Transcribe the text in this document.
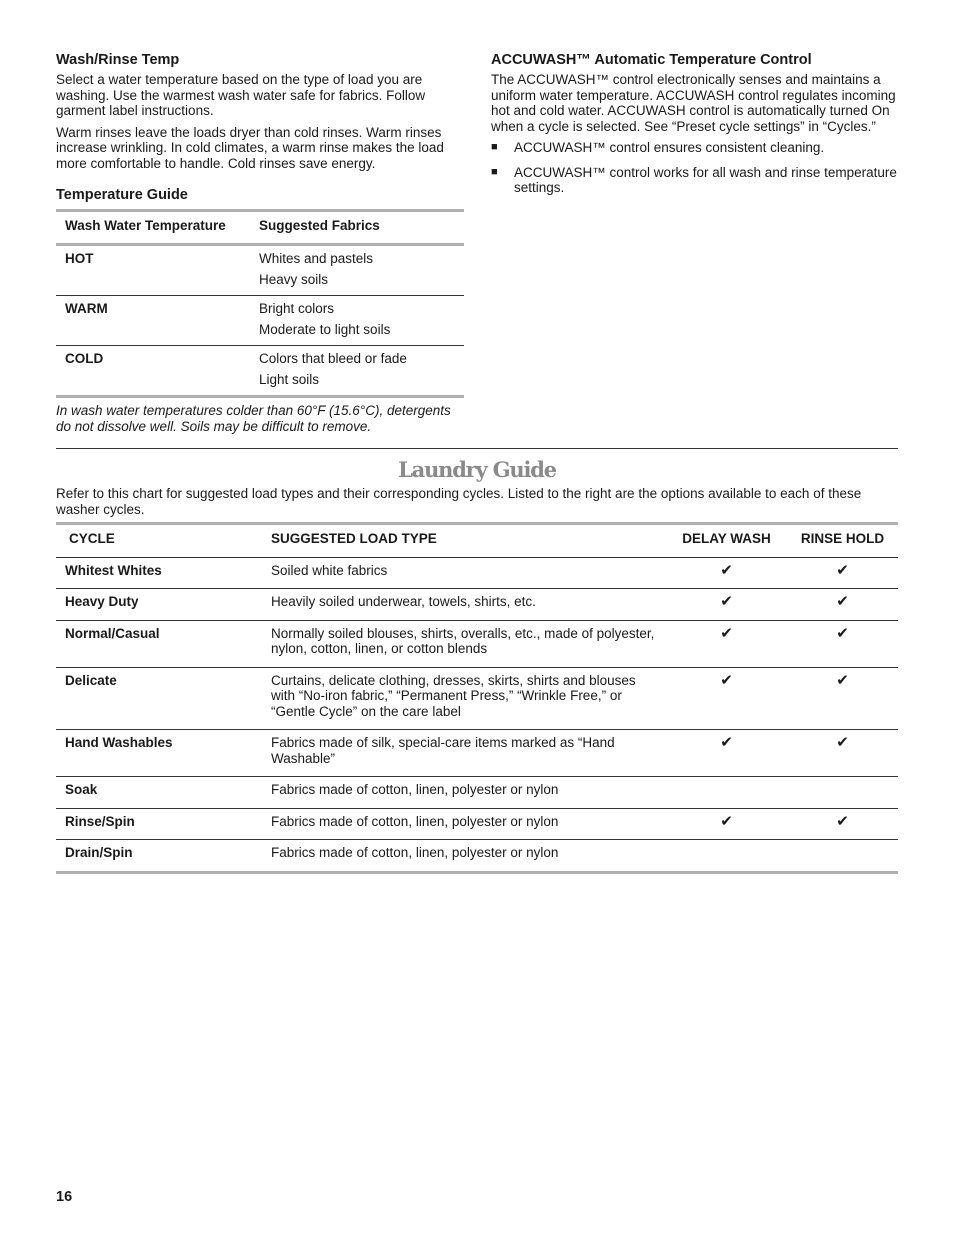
Wash/Rinse Temp

Select a water temperature based on the type of load you are washing. Use the warmest wash water safe for fabrics. Follow garment label instructions.

Warm rinses leave the loads dryer than cold rinses. Warm rinses increase wrinkling. In cold climates, a warm rinse makes the load more comfortable to handle. Cold rinses save energy.

Temperature Guide
Wash Water Temperature	Suggested Fabrics
HOT	Whites and pastels
Heavy soils

WARM	Bright colors
Moderate to light soils

COLD	Colors that bleed or fade
Light soils

In wash water temperatures colder than 60°F (15.6°C), detergents do not dissolve well. Soils may be difficult to remove.

ACCUWASH™ Automatic Temperature Control

The ACCUWASH™ control electronically senses and maintains a uniform water temperature. ACCUWASH control regulates incoming hot and cold water. ACCUWASH control is automatically turned On when a cycle is selected. See “Preset cycle settings” in “Cycles.”

■ ACCUWASH™ control ensures consistent cleaning.
■ ACCUWASH™ control works for all wash and rinse temperature settings.
Laundry Guide

Refer to this chart for suggested load types and their corresponding cycles. Listed to the right are the options available to each of these washer cycles.

CYCLE	SUGGESTED LOAD TYPE	DELAY WASH	RINSE HOLD
Whitest Whites	Soiled white fabrics	✔	✔
Heavy Duty	Heavily soiled underwear, towels, shirts, etc.	✔	✔
Normal/Casual	Normally soiled blouses, shirts, overalls, etc., made of polyester, nylon, cotton, linen, or cotton blends	✔	✔
Delicate	Curtains, delicate clothing, dresses, skirts, shirts and blouses with “No-iron fabric,” “Permanent Press,” “Wrinkle Free,” or “Gentle Cycle” on the care label	✔	✔
Hand Washables	Fabrics made of silk, special-care items marked as “Hand Washable”	✔	✔
Soak	Fabrics made of cotton, linen, polyester or nylon		
Rinse/Spin	Fabrics made of cotton, linen, polyester or nylon	✔	✔
Drain/Spin	Fabrics made of cotton, linen, polyester or nylon		
16
